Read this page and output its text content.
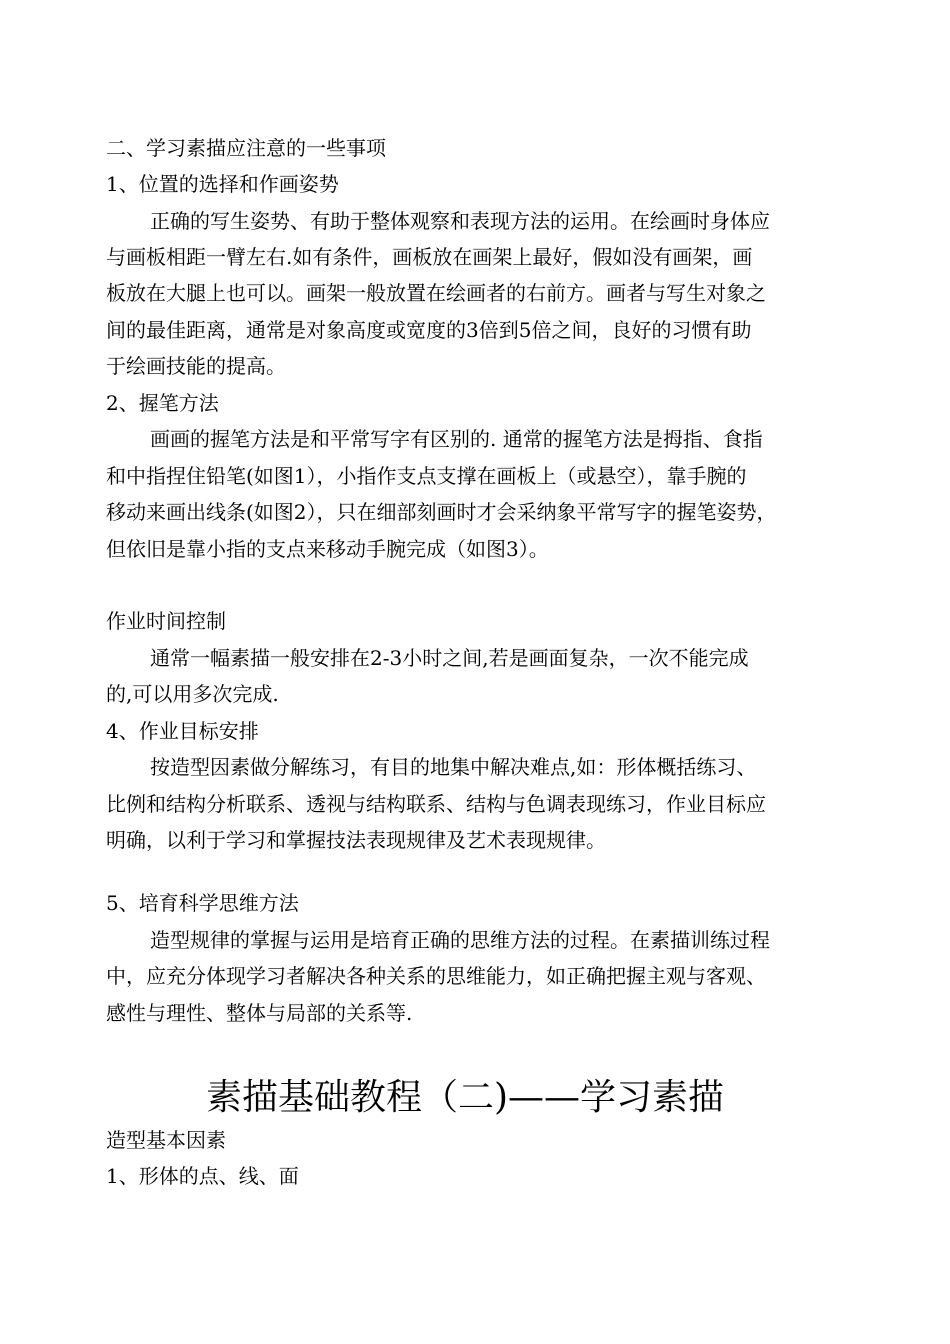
二、学习素描应注意的一些事项
1、位置的选择和作画姿势
正确的写生姿势、有助于整体观察和表现方法的运用。在绘画时身体应
与画板相距一臂左右.如有条件，画板放在画架上最好，假如没有画架，画
板放在大腿上也可以。画架一般放置在绘画者的右前方。画者与写生对象之
间的最佳距离，通常是对象高度或宽度的3倍到5倍之间，良好的习惯有助
于绘画技能的提高。
2、握笔方法
画画的握笔方法是和平常写字有区别的. 通常的握笔方法是拇指、食指
和中指捏住铅笔(如图1），小指作支点支撑在画板上（或悬空），靠手腕的
移动来画出线条(如图2），只在细部刻画时才会采纳象平常写字的握笔姿势，
但依旧是靠小指的支点来移动手腕完成（如图3）。
作业时间控制
通常一幅素描一般安排在2-3小时之间,若是画面复杂，一次不能完成
的,可以用多次完成.
4、作业目标安排
按造型因素做分解练习，有目的地集中解决难点,如：形体概括练习、
比例和结构分析联系、透视与结构联系、结构与色调表现练习，作业目标应
明确，以利于学习和掌握技法表现规律及艺术表现规律。
5、培育科学思维方法
造型规律的掌握与运用是培育正确的思维方法的过程。在素描训练过程
中，应充分体现学习者解决各种关系的思维能力，如正确把握主观与客观、
感性与理性、整体与局部的关系等.
素描基础教程（二)——学习素描
造型基本因素
1、形体的点、线、面
